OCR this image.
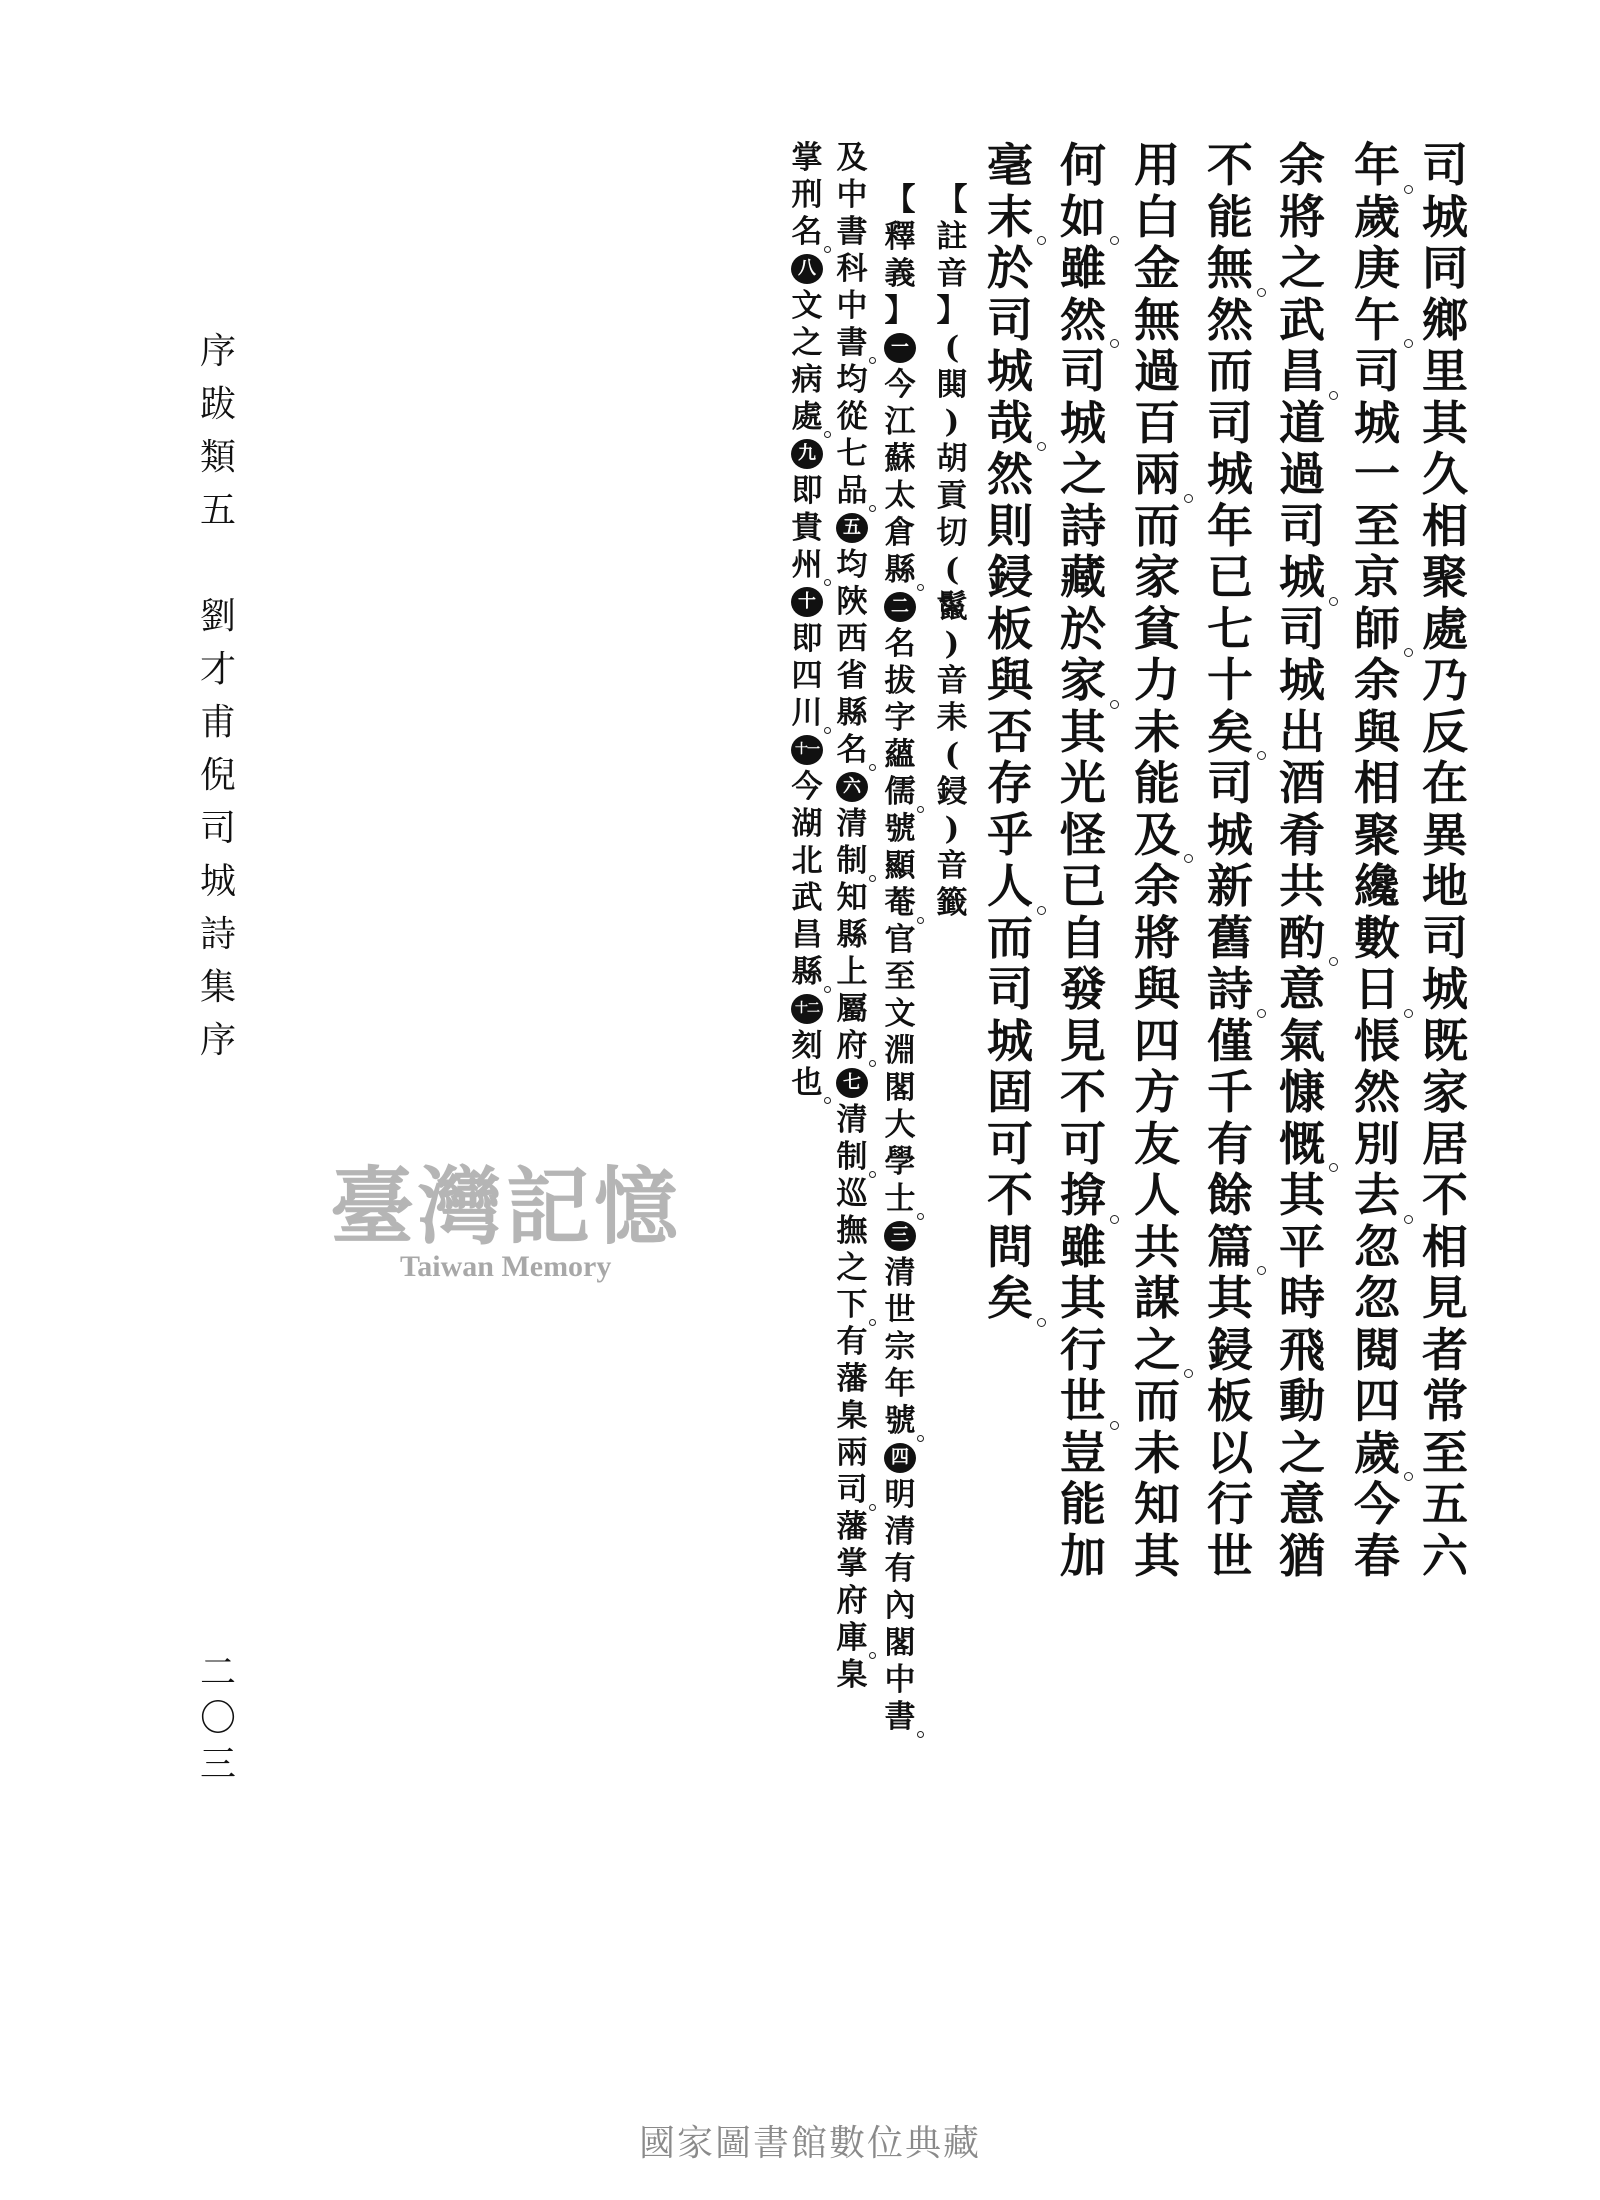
序
跋
類
五
劉
才
甫
倪
司
城
詩
集
序
二
〇
三
【
註
音
】
(
閧
)
胡
貢
切
(
鬣
)
音
耒
(
鋟
)
音
籤
【
釋
義
】
一
今
江
蘇
太
倉
縣
二
名
拔
字
蘊
儒
號
顯
菴
官
至
文
淵
閣
大
學
士
三
清
世
宗
年
號
四
明
清
有
內
閣
中
書
及
中
書
科
中
書
均
從
七
品
五
均
陜
西
省
縣
名
六
清
制
知
縣
上
屬
府
七
清
制
巡
撫
之
下
有
藩
臬
兩
司
藩
掌
府
庫
臬
掌
刑
名
八
文
之
病
處
九
即
貴
州
十
即
四
川
十一
今
湖
北
武
昌
縣
十二
刻
也
司
城
同
鄉
里
其
久
相
聚
處
乃
反
在
異
地
司
城
既
家
居
不
相
見
者
常
至
五
六
年
歲
庚
午
司
城
一
至
京
師
余
與
相
聚
纔
數
日
悵
然
別
去
忽
忽
閱
四
歲
今
春
余
將
之
武
昌
道
過
司
城
司
城
出
酒
肴
共
酌
意
氣
慷
慨
其
平
時
飛
動
之
意
猶
不
能
無
然
而
司
城
年
已
七
十
矣
司
城
新
舊
詩
僅
千
有
餘
篇
其
鋟
板
以
行
世
用
白
金
無
過
百
兩
而
家
貧
力
未
能
及
余
將
與
四
方
友
人
共
謀
之
而
未
知
其
何
如
雖
然
司
城
之
詩
藏
於
家
其
光
怪
已
自
發
見
不
可
揜
雖
其
行
世
豈
能
加
毫
末
於
司
城
哉
然
則
鋟
板
與
否
存
乎
人
而
司
城
固
可
不
問
矣
臺灣記憶
Taiwan Memory
國家圖書館數位典藏
